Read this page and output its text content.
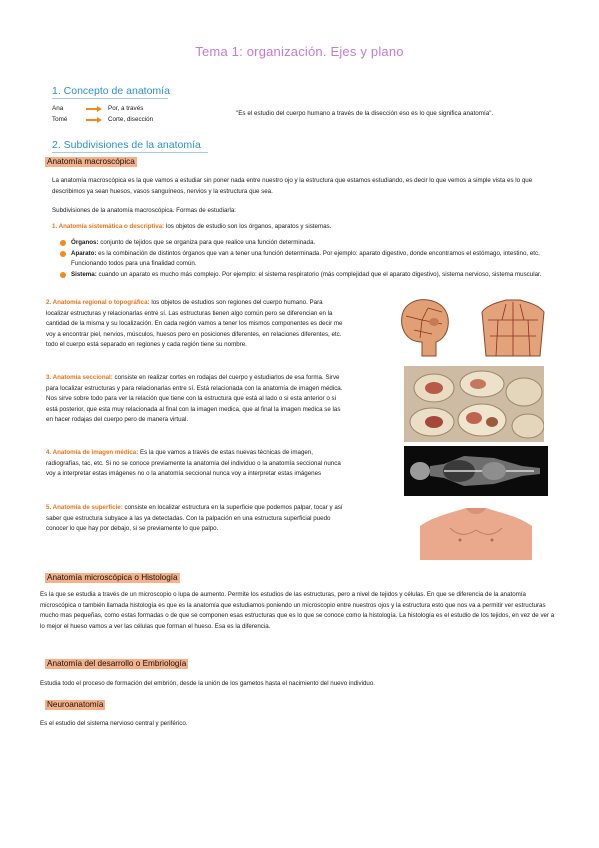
Tema 1: organización. Ejes y plano
1. Concepto de anatomía
Ana	Por, a través
Tomé	Corte, disección
"Es el estudio del cuerpo humano a través de la disección eso es lo que significa anatomía".
2. Subdivisiones de la anatomía
Anatomía macroscópica
La anatomía macroscópica es la que vamos a estudiar sin poner nada entre nuestro ojo y la estructura que estamos estudiando, es decir lo que vemos a simple vista es lo que describimos ya sean huesos, vasos sanguíneos, nervios y la estructura que sea.
Subdivisiones de la anatomía macroscópica. Formas de estudiarla:
1. Anatomía sistemática o descriptiva: los objetos de estudio son los órganos, aparatos y sistemas.
Órganos: conjunto de tejidos que se organiza para que realice una función determinada.
Aparato: es la combinación de distintos órganos que van a tener una función determinada. Por ejemplo: aparato digestivo, donde encontramos el estómago, intestino, etc. Funcionando todos para una finalidad común.
Sistema: cuando un aparato es mucho más complejo. Por ejemplo: el sistema respiratorio (más complejidad que el aparato digestivo), sistema nervioso, sistema muscular.
2. Anatomía regional o topográfica: los objetos de estudios son regiones del cuerpo humano. Para localizar estructuras y relacionarlas entre sí. Las estructuras tienen algo común pero se diferencian en la cantidad de la misma y su localización. En cada región vamos a tener los mismos componentes es decir me voy a encontrar piel, nervios, músculos, huesos pero en posiciones diferentes, en relaciones diferentes, etc. todo el cuerpo está separado en regiones y cada región tiene su nombre.
3. Anatomía seccional: consiste en realizar cortes en rodajas del cuerpo y estudiarlos de esa forma. Sirve para localizar estructuras y para relacionarlas entre sí. Está relacionada con la anatomía de imagen médica. Nos sirve sobre todo para ver la relación que tiene con la estructura que está al lado o si esta anterior o si está posterior, que esta muy relacionada al final con la imagen medica, que al final la imagen medica se las en hacer rodajas del cuerpo pero de manera virtual.
4. Anatomía de imagen médica: Es la que vamos a través de estas nuevas técnicas de imagen, radiografías, tac, etc. Si no se conoce previamente la anatomía del individuo o la anatomía seccional nunca voy a interpretar estas imágenes no o la anatomía seccional nunca voy a interpretar estas imágenes
5. Anatomía de superficie: consiste en localizar estructura en la superficie que podemos palpar, tocar y así saber que estructura subyace a las ya detectadas. Con la palpación en una estructura superficial puedo conocer lo que hay por debajo, si se previamente lo que palpo.
Anatomía microscópica o Histología
Es la que se estudia a través de un microscopio o lupa de aumento. Permite los estudios de las estructuras, pero a nivel de tejidos y células. En que se diferencia de la anatomía microscópica o también llamada histología es que es la anatomía que estudiamos poniendo un microscopio entre nuestros ojos y la estructura esto que nos va a permitir ver estructuras mucho mas pequeñas, como estas formadas o de que se componen esas estructuras que es lo que se conoce como la histología. La histología es el estudio de los tejidos, en vez de ver a lo mejor el hueso vamos a ver las células que forman el hueso. Esa es la diferencia.
Anatomía del desarrollo o Embriología
Estudia todo el proceso de formación del embrión, desde la unión de los gametos hasta el nacimiento del nuevo individuo.
Neuroanatomía
Es el estudio del sistema nervioso central y periférico.
